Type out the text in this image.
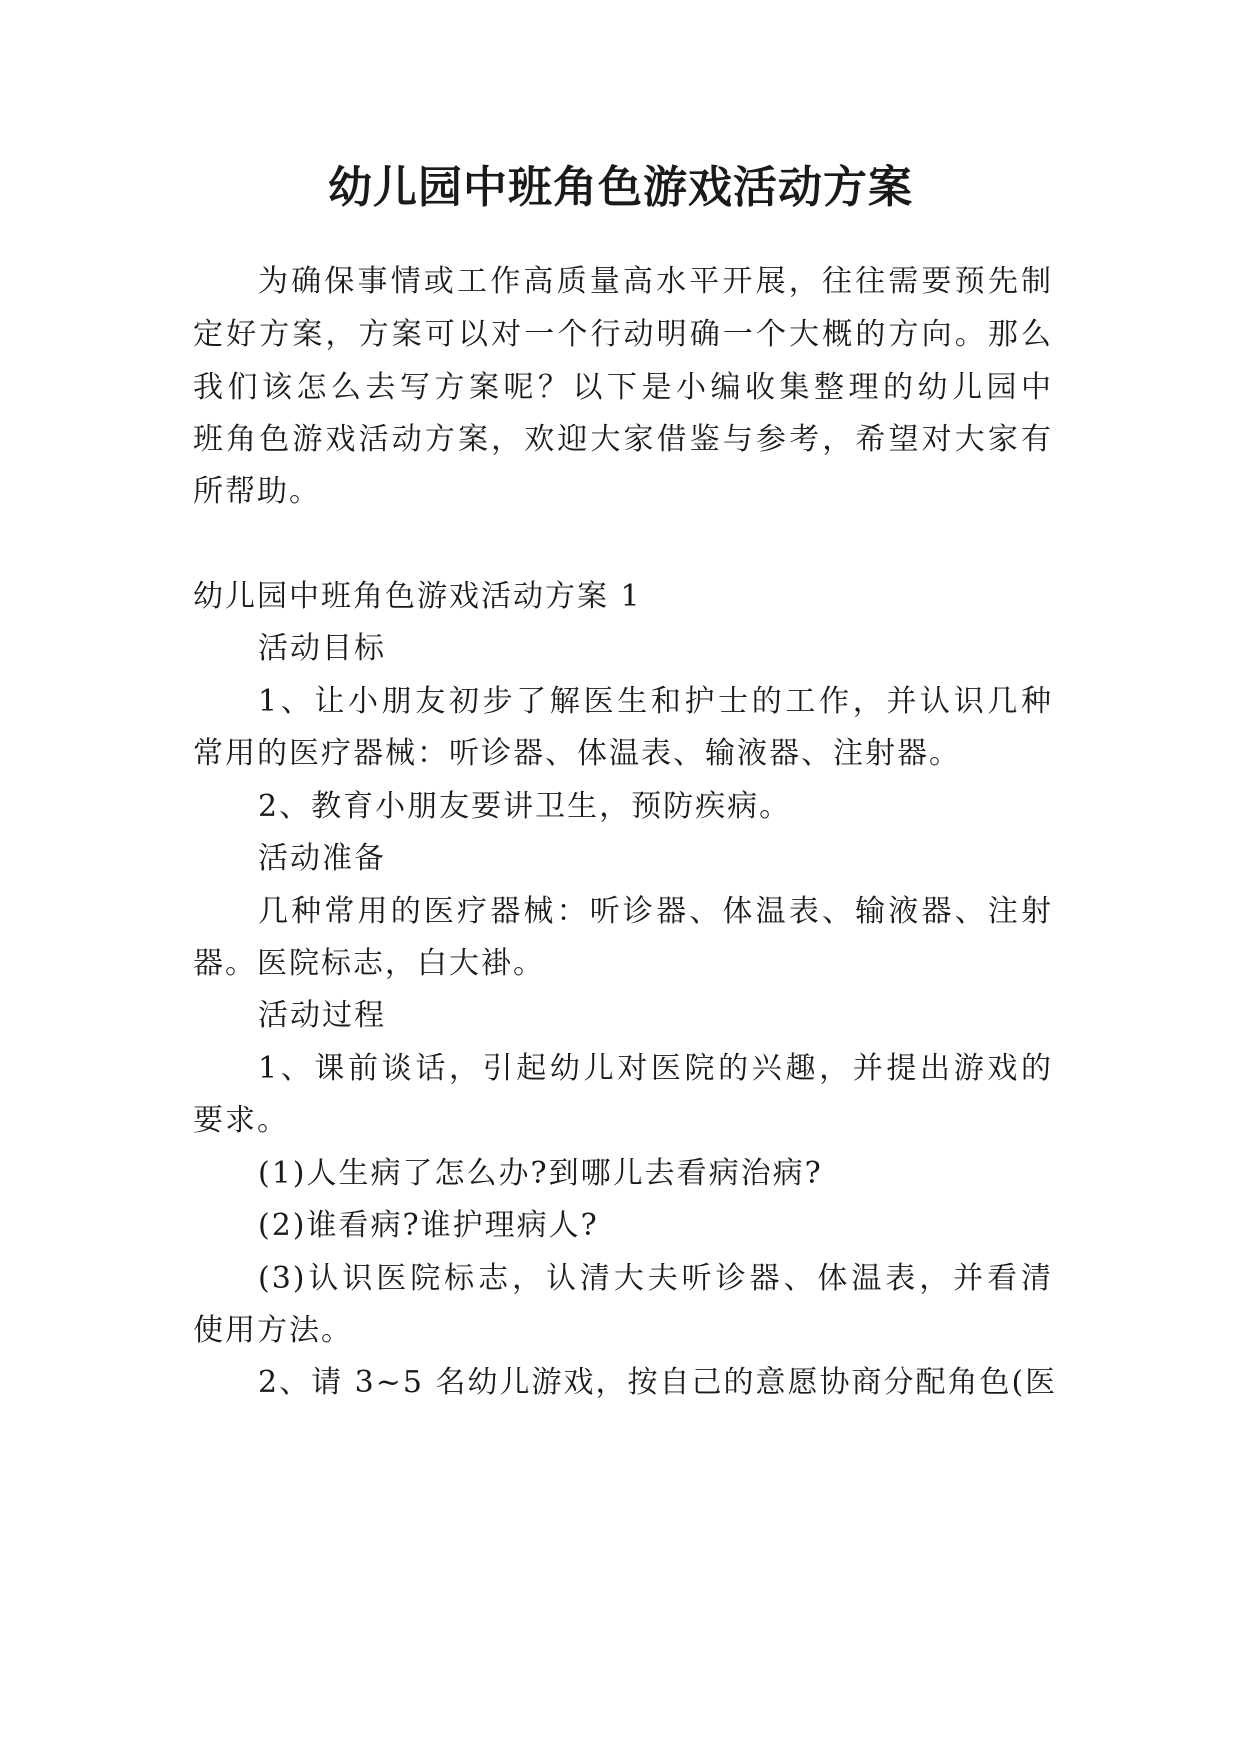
幼儿园中班角色游戏活动方案
为确保事情或工作高质量高水平开展，往往需要预先制
定好方案，方案可以对一个行动明确一个大概的方向。那么
我们该怎么去写方案呢？以下是小编收集整理的幼儿园中
班角色游戏活动方案，欢迎大家借鉴与参考，希望对大家有
所帮助。
幼儿园中班角色游戏活动方案 1
活动目标
1、让小朋友初步了解医生和护士的工作，并认识几种
常用的医疗器械：听诊器、体温表、输液器、注射器。
2、教育小朋友要讲卫生，预防疾病。
活动准备
几种常用的医疗器械：听诊器、体温表、输液器、注射
器。医院标志，白大褂。
活动过程
1、课前谈话，引起幼儿对医院的兴趣，并提出游戏的
要求。
(1)人生病了怎么办?到哪儿去看病治病?
(2)谁看病?谁护理病人?
(3)认识医院标志，认清大夫听诊器、体温表，并看清
使用方法。
2、请 3~5 名幼儿游戏，按自己的意愿协商分配角色(医
